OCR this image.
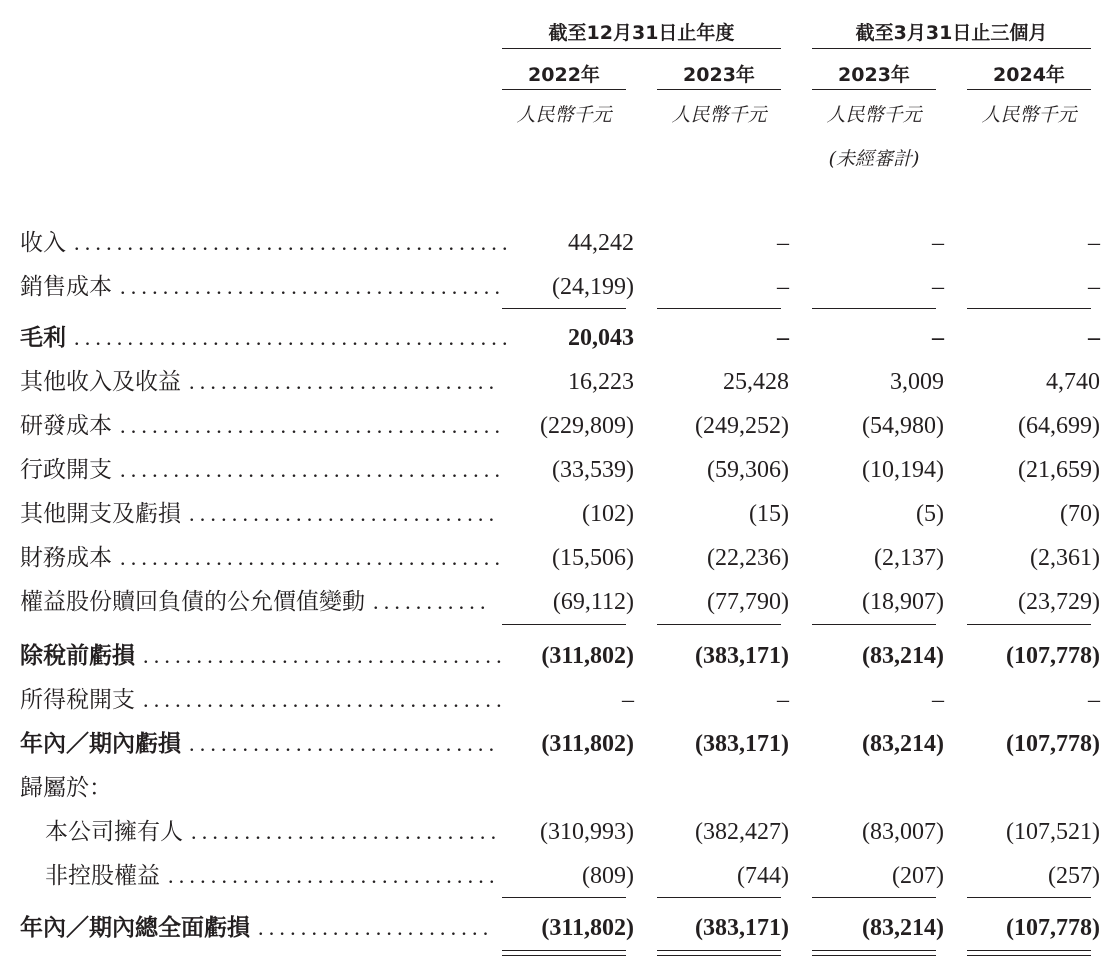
截至12月31日止年度	截至3月31日止三個月
2022年	2023年	2023年	2024年
人民幣千元	人民幣千元	人民幣千元	人民幣千元
(未經審計)
收入 ......................................... 44,242	–	–	–
銷售成本 .................................... (24,199)	–	–	–
毛利 ......................................... 20,043	–	–	–
其他收入及收益 .............................	16,223	25,428	3,009	4,740
研發成本 .................................... (229,809)	(249,252)	(54,980)	(64,699)
行政開支 .................................... (33,539)	(59,306)	(10,194)	(21,659)
其他開支及虧損 .............................	(102)	(15)	(5)	(70)
財務成本 .................................... (15,506)	(22,236)	(2,137)	(2,361)
權益股份贖回負債的公允價值變動 ...........	(69,112)	(77,790)	(18,907)	(23,729)
除稅前虧損 .................................. (311,802)	(383,171)	(83,214)	(107,778)
所得稅開支 ..................................	–	–	–	–
年內／期內虧損 ............................. (311,802)	(383,171)	(83,214)	(107,778)
歸屬於：
本公司擁有人 ............................. (310,993)	(382,427)	(83,007)	(107,521)
非控股權益 ...............................	(809)	(744)	(207)	(257)
年內／期內總全面虧損 ...................... (311,802)	(383,171)	(83,214)	(107,778)
